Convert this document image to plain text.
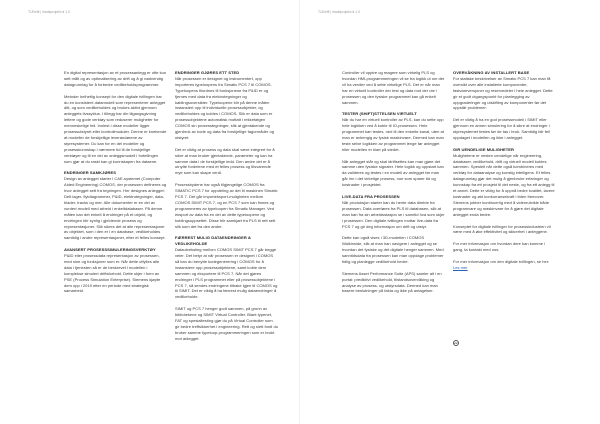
TUDelft | bladeprojekt.nl 1.0

En digital representasjon av et prosessanlegg er ofte kun sett målt og av optimalisering av drift og å gi nødvendig datagrunnlag for å forbedre vedlikeholdsprogrammer.

Metoder helhetlig konsept for den digitale tvillingen har du en konsistent datamodell som representerer anlegget ditt, og som vedlikeholdes og brukes aktivt gjennom anleggets livssyklus. I tillegg har din tilgangsgivning lettere og gode verktøy som reduserer muligheter for menneskelige feil. Innlest i disse modeller ligger prosessutstyret eller kontrollmoduler. Denne er knekende at modeller de forskjellige leverandørene av styresystemer. Du kan for en del modeller og prosesskunnskap i nærmere tid til de forskjellige verktøyer og til en del av anleggsmodell i fortellingen som gjør at du raskt kan gi kunnskapen fra dataene.

ENDRINGER SAMKJØRES

Design av anlegget starter i CAE-systemet (Computer Aided Engineering) COMOS, der prosessen defineres og hvor anlegget sett fra tegningen. Her designes anlegget: Delt lager, flytdiagrammer, P&ID, elektrotegninger, data-blader, tracks og mer. Alle dokumenter er en del av vurdert modell med arbeid i enkeltdatabaser. På denne måten kan det enkelt å endringer på et objekt, og endringen blir synlig i gjeldende prosess og representasjoner. Slik sikres det at alle representasjoner av objektet, som i den er i en database, vedlikeholdes samtidig i andre representasjoner, etter et felles konsept.

AVANSERT PROSESSSIMULERINGSVERKTØY

P&ID eller prosessdata representasjon av prosessen, med sine og funksjoner som er. Når dette utfylles alle data i tjenesten så er de beskrevet i modellen i komplekse simulert driftsforhold. Dette skjer i form av PSE (Process Simulation Enterprise). Siemens kjøpte dem opp i 2019 etter en periode med strategisk samarbeid.

ENDRINGER GJØRES ETT STED

Når prosessen er designet og instrumentert, opp importeres typeloopens fra Simatic PCS 7 til COMOS. Typeloopens tilordnes til funksjonene fra P&ID er og fjernes med data fra elektrotegninger og kablingsoversikter. Typeloopene blir på denne måten instansiert opp til individuelle prosessobjekter, og vedlikeholdes og kobles i COMOS. Slik er data som er prosessobjektene automatisk mottatt i rekkefølgen COMOS sin prosesstegninger, slik at gjentakende og gjenbruk av kode og data fra forskjellige fagområder og utstyret.

Det er viktig at prosess og data skal være integrert for å sikre at man bruker gjentakende, parameter og kan ha samme data i de forskjellige ledd. Den andre det er å utnytte fordelene med et felles prosess og tilsvarende mye som kan skape verdi.

Prosessbydene har også tilgjengelige COMOS fra SIMATIC PCS 7 for oppdeling av det til maskinen Simatic PCS 7. Det går importeksport-muligheten mellom COMOS SIMIT PCS 7, og en PCS 7 som kan finnes og programmeres av typeloopen fra Simatic Manager. Ved eksport av data fra en del av dette typeloopene og koblingsoppsettet. Disse blir samkjørt fra PLS til rett sett slik som det fra den andre.

FÆRREST MULIG DATAENDRINGER & VEDLIKEHOLDE

Datautveksling mellom COMOS SIMIT PCS 7 går begge veier. Det betyr at når prosessen er designet i COMOS så kan du benytte kodegenerering i COMOS for å instansiere opp prosessobjektene, samt koble dem sammen og eksportere til PCS 7. Når det gjøres endringer i PLS programmet eller på prosessobjektene i PCS 7, så sendes endringene tilbake igjen til COMOS og til SIMIT. Det er viktig å ha færrest mulig dataendringer å vedlikeholde.

SIMIT og PCS 7 henger godt sammen, på grunn av bibliotekene og SIMIT Virtual Controller. Blant typenet, FAT og spesialtesting gjør du på Virtual Controller som gir bedre treffsikkerhet i engineering. Rett og slett fordi du bruker samme typeloop-programmeringen som er brukt mot anlegget.

TUDelft | bladeprojekt.nl 1.0

Controller vil opptre og reagere som virkelig PLS og hvordan HMI-programmeringen vil se fra logikk ut om det vil ha verdier ved å sette virkelige PLS. Det er når man har en virtuell kontroller der test og data mot der ute i prosessen og den fysiske programmet kan gå enkelt sammen.

TESTER (SHIFT)STTELSEN VIRTUELT

Når du har en virtuell kontroller av PLS, kan du sette opp hele logikken ved å koble til IO-prosessen. Hele programmet kan testes, ned til den enkelte kanal, uten at man er avhengig av fysisk maskinvare. Dermed kan man teste selve logikken av programmet lenge før anlegget eller modellen er klart på stedet.

Når anlegget står og skal idriftsettes kan man gjøre det samme uten fysiske signaler. Hele logikk og oppstart kan da valideres og testes i en modell av anlegget før man går inn i det virkelige prosess, noe som sparer tid og kostnader i prosjektet.

LIVE-DATA FRA PROSESSEN

Når produksjon starter kan du hente data direkte fra prosessen. Data overføres fra PLS til databasen, slik at man kan fra sin arbeidsstasjon se i sanntid hva som skjer i prosessen. Den digitale tvillingen mottar live-data fra PCS 7 og gir deg informasjon om drift og utstyr.

Dette kan også vises i 3D-modellen i COMOS Walkinside, slik at man kan navigere i anlegget og se hvordan det fysiske og det digitale henger sammen. Med sanntidsdata fra prosessen kan man oppdage problemer tidlig og planlegge vedlikehold bedre.

Siemens Asset Performance Suite (APS) samler alt i en portal: prediktivt vedlikehold, tilstandsovervåking og analyse av prosess- og utstyrsdata. Dermed kan man basere beslutninger på fakta og ikke på antagelser.

OVERVÅKNING AV INSTALLERT BASE

For statiske beskrivelser av Simatic PCS 7 kan man få oversikt over alle installerte komponenter, fastvareversjoner og reservedeler i hele anlegget. Dette gir et godt utgangspunkt for planlegging av oppgraderinger og utskifting av komponenter før det oppstår problemer.

Det er viktig å ha en god prosessmodell i SIMIT eller gjennom en annen simulering for å sikre at endringer i styresystemet testes før de tas i bruk. Samtidig blir feil oppdaget i modellen og ikke i anlegget.

GIR UENDELIGE MULIGHETER

Mulighetene er nesten uendelige når engineering, databaser, vedlikehold, drift og virtuell modell kobles sammen. Spesielt når dette også kombineres med verktøy for dataanalyse og kunstig intelligens. Et felles datagrunnlag gjør det mulig å gjenbruke erfaringer og kunnskap fra ett prosjekt til det neste, og fra ett anlegg til et annet. Dette er viktig for å oppnå bedre kvalitet, lavere kostnader og økt konkurransekraft i tiden fremover. Siemens jobber kontinuerlig med å videreutvikle både programvare og maskinvare for å gjøre det digitale anlegget enda bedre.

Konseptet for digitale tvillinger for prosessindustrien vil være med å øke effektivitet og sikkerhet i anleggene.

For mer informasjon om hvordan dere kan komme i gang, ta kontakt med oss.

For mer informasjon om den digitale tvillingen, se her: Les mer

cc
